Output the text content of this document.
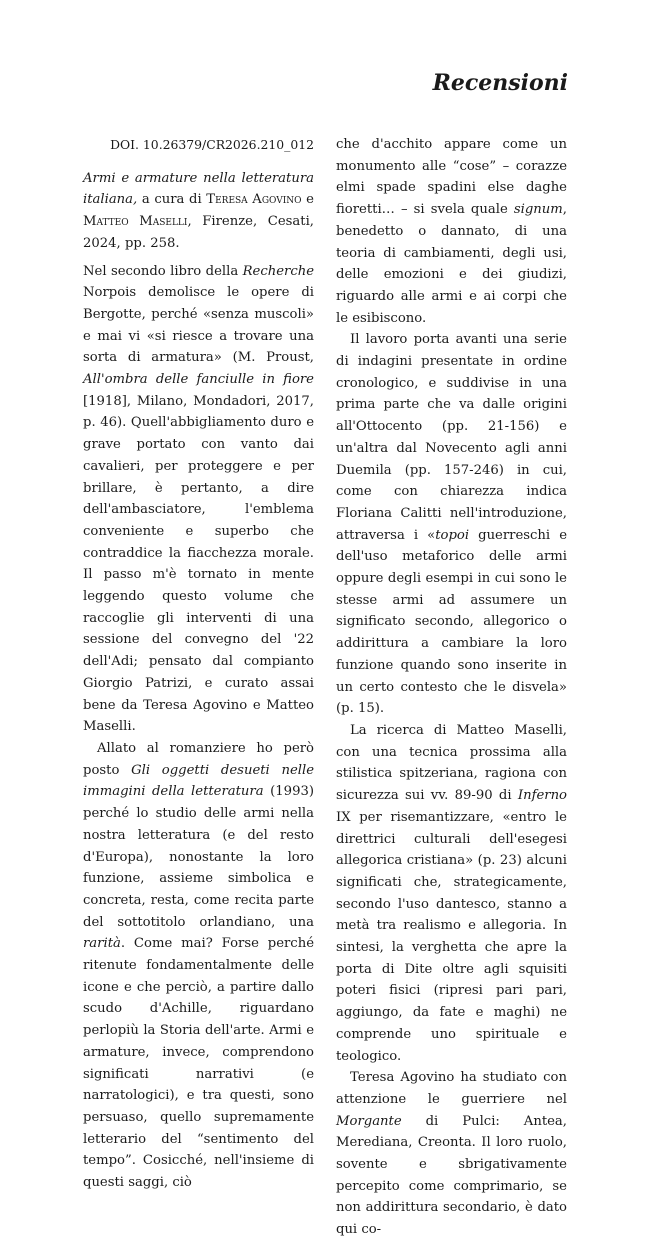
Recensioni
DOI. 10.26379/CR2026.210_012

Armi e armature nella letteratura italiana, a cura di Teresa Agovino e Matteo Maselli, Firenze, Cesati, 2024, pp. 258.

Nel secondo libro della Recherche Norpois demolisce le opere di Bergotte, perché «senza muscoli» e mai vi «si riesce a trovare una sorta di armatura» (M. Proust, All'ombra delle fanciulle in fiore [1918], Milano, Mondadori, 2017, p. 46). Quell'abbigliamento duro e grave portato con vanto dai cavalieri, per proteggere e per brillare, è pertanto, a dire dell'ambasciatore, l'emblema conveniente e superbo che contraddice la fiacchezza morale. Il passo m'è tornato in mente leggendo questo volume che raccoglie gli interventi di una sessione del convegno del '22 dell'Adi; pensato dal compianto Giorgio Patrizi, e curato assai bene da Teresa Agovino e Matteo Maselli.

Allato al romanziere ho però posto Gli oggetti desueti nelle immagini della letteratura (1993) perché lo studio delle armi nella nostra letteratura (e del resto d'Europa), nonostante la loro funzione, assieme simbolica e concreta, resta, come recita parte del sottotitolo orlandiano, una rarità. Come mai? Forse perché ritenute fondamentalmente delle icone e che perciò, a partire dallo scudo d'Achille, riguardano perlopiù la Storia dell'arte. Armi e armature, invece, comprendono significati narrativi (e narratologici), e tra questi, sono persuaso, quello supremamente letterario del “sentimento del tempo”. Cosicché, nell'insieme di questi saggi, ciò

che d'acchito appare come un monumento alle “cose” – corazze elmi spade spadini else daghe fioretti… – si svela quale signum, benedetto o dannato, di una teoria di cambiamenti, degli usi, delle emozioni e dei giudizi, riguardo alle armi e ai corpi che le esibiscono.

Il lavoro porta avanti una serie di indagini presentate in ordine cronologico, e suddivise in una prima parte che va dalle origini all'Ottocento (pp. 21-156) e un'altra dal Novecento agli anni Duemila (pp. 157-246) in cui, come con chiarezza indica Floriana Calitti nell'introduzione, attraversa i «topoi guerreschi e dell'uso metaforico delle armi oppure degli esempi in cui sono le stesse armi ad assumere un significato secondo, allegorico o addirittura a cambiare la loro funzione quando sono inserite in un certo contesto che le disvela» (p. 15).

La ricerca di Matteo Maselli, con una tecnica prossima alla stilistica spitzeriana, ragiona con sicurezza sui vv. 89-90 di Inferno IX per risemantizzare, «entro le direttrici culturali dell'esegesi allegorica cristiana» (p. 23) alcuni significati che, strategicamente, secondo l'uso dantesco, stanno a metà tra realismo e allegoria. In sintesi, la verghetta che apre la porta di Dite oltre agli squisiti poteri fisici (ripresi pari pari, aggiungo, da fate e maghi) ne comprende uno spirituale e teologico.

Teresa Agovino ha studiato con attenzione le guerriere nel Morgante di Pulci: Antea, Merediana, Creonta. Il loro ruolo, sovente e sbrigativamente percepito come comprimario, se non addirittura secondario, è dato qui co-
